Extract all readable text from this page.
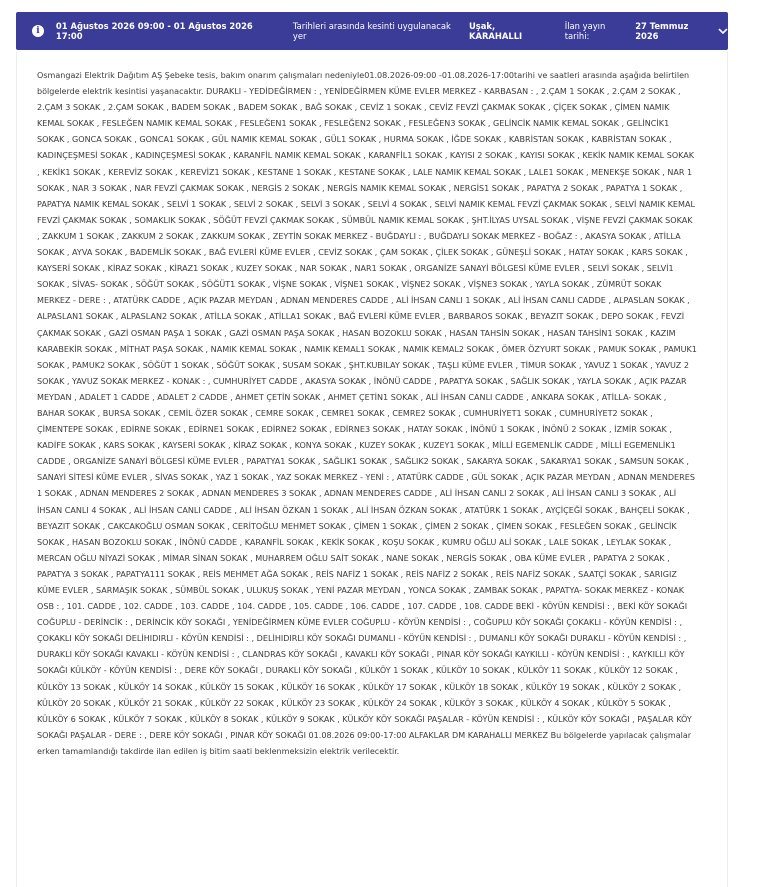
i	01 Ağustos 2026 09:00 - 01 Ağustos 2026 17:00
Tarihleri arasında kesinti uygulanacak yer
Uşak, KARAHALLI
İlan yayın tarihi:
27 Temmuz 2026
Osmangazi Elektrik Dağıtım AŞ Şebeke tesis, bakım onarım çalışmaları nedeniyle01.08.2026-09:00 -01.08.2026-17:00tarihi ve saatleri arasında aşağıda belirtilen bölgelerde elektrik kesintisi yaşanacaktır. DURAKLI - YEDİDEĞİRMEN : , YENİDEĞİRMEN KÜME EVLER MERKEZ - KARBASAN : , 2.ÇAM 1 SOKAK , 2.ÇAM 2 SOKAK , 2.ÇAM 3 SOKAK , 2.ÇAM SOKAK , BADEM SOKAK , BADEM SOKAK , BAĞ SOKAK , CEVİZ 1 SOKAK , CEVİZ FEVZİ ÇAKMAK SOKAK , ÇİÇEK SOKAK , ÇİMEN NAMIK KEMAL SOKAK , FESLEĞEN NAMIK KEMAL SOKAK , FESLEĞEN1 SOKAK , FESLEĞEN2 SOKAK , FESLEĞEN3 SOKAK , GELİNCİK NAMIK KEMAL SOKAK , GELİNCİK1 SOKAK , GONCA SOKAK , GONCA1 SOKAK , GÜL NAMIK KEMAL SOKAK , GÜL1 SOKAK , HURMA SOKAK , İĞDE SOKAK , KABRİSTAN SOKAK , KABRİSTAN SOKAK , KADINÇEŞMESİ SOKAK , KADINÇEŞMESİ SOKAK , KARANFİL NAMIK KEMAL SOKAK , KARANFİL1 SOKAK , KAYISI 2 SOKAK , KAYISI SOKAK , KEKİK NAMIK KEMAL SOKAK , KEKİK1 SOKAK , KEREVİZ SOKAK , KEREVİZ1 SOKAK , KESTANE 1 SOKAK , KESTANE SOKAK , LALE NAMIK KEMAL SOKAK , LALE1 SOKAK , MENEKŞE SOKAK , NAR 1 SOKAK , NAR 3 SOKAK , NAR FEVZİ ÇAKMAK SOKAK , NERGİS 2 SOKAK , NERGİS NAMIK KEMAL SOKAK , NERGİS1 SOKAK , PAPATYA 2 SOKAK , PAPATYA 1 SOKAK , PAPATYA NAMIK KEMAL SOKAK , SELVİ 1 SOKAK , SELVİ 2 SOKAK , SELVİ 3 SOKAK , SELVİ 4 SOKAK , SELVİ NAMIK KEMAL FEVZİ ÇAKMAK SOKAK , SELVİ NAMIK KEMAL FEVZİ ÇAKMAK SOKAK , SOMAKLIK SOKAK , SÖĞÜT FEVZİ ÇAKMAK SOKAK , SÜMBÜL NAMIK KEMAL SOKAK , ŞHT.İLYAS UYSAL SOKAK , VİŞNE FEVZİ ÇAKMAK SOKAK , ZAKKUM 1 SOKAK , ZAKKUM 2 SOKAK , ZAKKUM SOKAK , ZEYTİN SOKAK MERKEZ - BUĞDAYLI : , BUĞDAYLI SOKAK MERKEZ - BOĞAZ : , AKASYA SOKAK , ATİLLA SOKAK , AYVA SOKAK , BADEMLİK SOKAK , BAĞ EVLERİ KÜME EVLER , CEVİZ SOKAK , ÇAM SOKAK , ÇİLEK SOKAK , GÜNEŞLİ SOKAK , HATAY SOKAK , KARS SOKAK , KAYSERİ SOKAK , KİRAZ SOKAK , KİRAZ1 SOKAK , KUZEY SOKAK , NAR SOKAK , NAR1 SOKAK , ORGANİZE SANAYİ BÖLGESİ KÜME EVLER , SELVİ SOKAK , SELVİ1 SOKAK , SİVAS- SOKAK , SÖĞÜT SOKAK , SÖĞÜT1 SOKAK , VİŞNE SOKAK , VİŞNE1 SOKAK , VİŞNE2 SOKAK , VİŞNE3 SOKAK , YAYLA SOKAK , ZÜMRÜT SOKAK MERKEZ - DERE : , ATATÜRK CADDE , AÇIK PAZAR MEYDAN , ADNAN MENDERES CADDE , ALİ İHSAN CANLI 1 SOKAK , ALİ İHSAN CANLI CADDE , ALPASLAN SOKAK , ALPASLAN1 SOKAK , ALPASLAN2 SOKAK , ATİLLA SOKAK , ATİLLA1 SOKAK , BAĞ EVLERİ KÜME EVLER , BARBAROS SOKAK , BEYAZIT SOKAK , DEPO SOKAK , FEVZİ ÇAKMAK SOKAK , GAZİ OSMAN PAŞA 1 SOKAK , GAZİ OSMAN PAŞA SOKAK , HASAN BOZOKLU SOKAK , HASAN TAHSİN SOKAK , HASAN TAHSİN1 SOKAK , KAZIM KARABEKİR SOKAK , MİTHAT PAŞA SOKAK , NAMIK KEMAL SOKAK , NAMIK KEMAL1 SOKAK , NAMIK KEMAL2 SOKAK , ÖMER ÖZYURT SOKAK , PAMUK SOKAK , PAMUK1 SOKAK , PAMUK2 SOKAK , SÖĞÜT 1 SOKAK , SÖĞÜT SOKAK , SUSAM SOKAK , ŞHT.KUBILAY SOKAK , TAŞLI KÜME EVLER , TİMUR SOKAK , YAVUZ 1 SOKAK , YAVUZ 2 SOKAK , YAVUZ SOKAK MERKEZ - KONAK : , CUMHURİYET CADDE , AKASYA SOKAK , İNÖNÜ CADDE , PAPATYA SOKAK , SAĞLIK SOKAK , YAYLA SOKAK , AÇIK PAZAR MEYDAN , ADALET 1 CADDE , ADALET 2 CADDE , AHMET ÇETİN SOKAK , AHMET ÇETİN1 SOKAK , ALİ İHSAN CANLI CADDE , ANKARA SOKAK , ATİLLA- SOKAK , BAHAR SOKAK , BURSA SOKAK , CEMİL ÖZER SOKAK , CEMRE SOKAK , CEMRE1 SOKAK , CEMRE2 SOKAK , CUMHURİYET1 SOKAK , CUMHURİYET2 SOKAK , ÇİMENTEPE SOKAK , EDİRNE SOKAK , EDİRNE1 SOKAK , EDİRNE2 SOKAK , EDİRNE3 SOKAK , HATAY SOKAK , İNÖNÜ 1 SOKAK , İNÖNÜ 2 SOKAK , İZMİR SOKAK , KADİFE SOKAK , KARS SOKAK , KAYSERİ SOKAK , KİRAZ SOKAK , KONYA SOKAK , KUZEY SOKAK , KUZEY1 SOKAK , MİLLİ EGEMENLİK CADDE , MİLLİ EGEMENLİK1 CADDE , ORGANİZE SANAYİ BÖLGESİ KÜME EVLER , PAPATYA1 SOKAK , SAĞLIK1 SOKAK , SAĞLIK2 SOKAK , SAKARYA SOKAK , SAKARYA1 SOKAK , SAMSUN SOKAK , SANAYİ SİTESİ KÜME EVLER , SİVAS SOKAK , YAZ 1 SOKAK , YAZ SOKAK MERKEZ - YENİ : , ATATÜRK CADDE , GÜL SOKAK , AÇIK PAZAR MEYDAN , ADNAN MENDERES 1 SOKAK , ADNAN MENDERES 2 SOKAK , ADNAN MENDERES 3 SOKAK , ADNAN MENDERES CADDE , ALİ İHSAN CANLI 2 SOKAK , ALİ İHSAN CANLI 3 SOKAK , ALİ İHSAN CANLI 4 SOKAK , ALİ İHSAN CANLI CADDE , ALİ İHSAN ÖZKAN 1 SOKAK , ALİ İHSAN ÖZKAN SOKAK , ATATÜRK 1 SOKAK , AYÇİÇEĞİ SOKAK , BAHÇELİ SOKAK , BEYAZIT SOKAK , CAKCAKOĞLU OSMAN SOKAK , CERİTOĞLU MEHMET SOKAK , ÇİMEN 1 SOKAK , ÇİMEN 2 SOKAK , ÇİMEN SOKAK , FESLEĞEN SOKAK , GELİNCİK SOKAK , HASAN BOZOKLU SOKAK , İNÖNÜ CADDE , KARANFİL SOKAK , KEKİK SOKAK , KOŞU SOKAK , KUMRU OĞLU ALİ SOKAK , LALE SOKAK , LEYLAK SOKAK , MERCAN OĞLU NİYAZİ SOKAK , MİMAR SİNAN SOKAK , MUHARREM OĞLU SAİT SOKAK , NANE SOKAK , NERGİS SOKAK , OBA KÜME EVLER , PAPATYA 2 SOKAK , PAPATYA 3 SOKAK , PAPATYA111 SOKAK , REİS MEHMET AĞA SOKAK , REİS NAFİZ 1 SOKAK , REİS NAFİZ 2 SOKAK , REİS NAFİZ SOKAK , SAATÇİ SOKAK , SARIGIZ KÜME EVLER , SARMAŞIK SOKAK , SÜMBÜL SOKAK , ULUKUŞ SOKAK , YENİ PAZAR MEYDAN , YONCA SOKAK , ZAMBAK SOKAK , PAPATYA- SOKAK MERKEZ - KONAK OSB : , 101. CADDE , 102. CADDE , 103. CADDE , 104. CADDE , 105. CADDE , 106. CADDE , 107. CADDE , 108. CADDE BEKİ - KÖYÜN KENDİSİ : , BEKİ KÖY SOKAĞI COĞUPLU - DERİNCİK : , DERİNCİK KÖY SOKAĞI , YENİDEĞİRMEN KÜME EVLER COĞUPLU - KÖYÜN KENDİSİ : , COĞUPLU KÖY SOKAĞI ÇOKAKLI - KÖYÜN KENDİSİ : , ÇOKAKLI KÖY SOKAĞI DELİHIDIRLI - KÖYÜN KENDİSİ : , DELİHIDIRLI KÖY SOKAĞI DUMANLI - KÖYÜN KENDİSİ : , DUMANLI KÖY SOKAĞI DURAKLI - KÖYÜN KENDİSİ : , DURAKLI KÖY SOKAĞI KAVAKLI - KÖYÜN KENDİSİ : , CLANDRAS KÖY SOKAĞI , KAVAKLI KÖY SOKAĞI , PINAR KÖY SOKAĞI KAYKILLI - KÖYÜN KENDİSİ : , KAYKILLI KÖY SOKAĞI KÜLKÖY - KÖYÜN KENDİSİ : , DERE KÖY SOKAĞI , DURAKLI KÖY SOKAĞI , KÜLKÖY 1 SOKAK , KÜLKÖY 10 SOKAK , KÜLKÖY 11 SOKAK , KÜLKÖY 12 SOKAK , KÜLKÖY 13 SOKAK , KÜLKÖY 14 SOKAK , KÜLKÖY 15 SOKAK , KÜLKÖY 16 SOKAK , KÜLKÖY 17 SOKAK , KÜLKÖY 18 SOKAK , KÜLKÖY 19 SOKAK , KÜLKÖY 2 SOKAK , KÜLKÖY 20 SOKAK , KÜLKÖY 21 SOKAK , KÜLKÖY 22 SOKAK , KÜLKÖY 23 SOKAK , KÜLKÖY 24 SOKAK , KÜLKÖY 3 SOKAK , KÜLKÖY 4 SOKAK , KÜLKÖY 5 SOKAK , KÜLKÖY 6 SOKAK , KÜLKÖY 7 SOKAK , KÜLKÖY 8 SOKAK , KÜLKÖY 9 SOKAK , KÜLKÖY KÖY SOKAĞI PAŞALAR - KÖYÜN KENDİSİ : , KÜLKÖY KÖY SOKAĞI , PAŞALAR KÖY SOKAĞI PAŞALAR - DERE : , DERE KÖY SOKAĞI , PINAR KÖY SOKAĞI 01.08.2026 09:00-17:00 ALFAKLAR DM KARAHALLI MERKEZ Bu bölgelerde yapılacak çalışmalar erken tamamlandığı takdirde ilan edilen iş bitim saati beklenmeksizin elektrik verilecektir.
